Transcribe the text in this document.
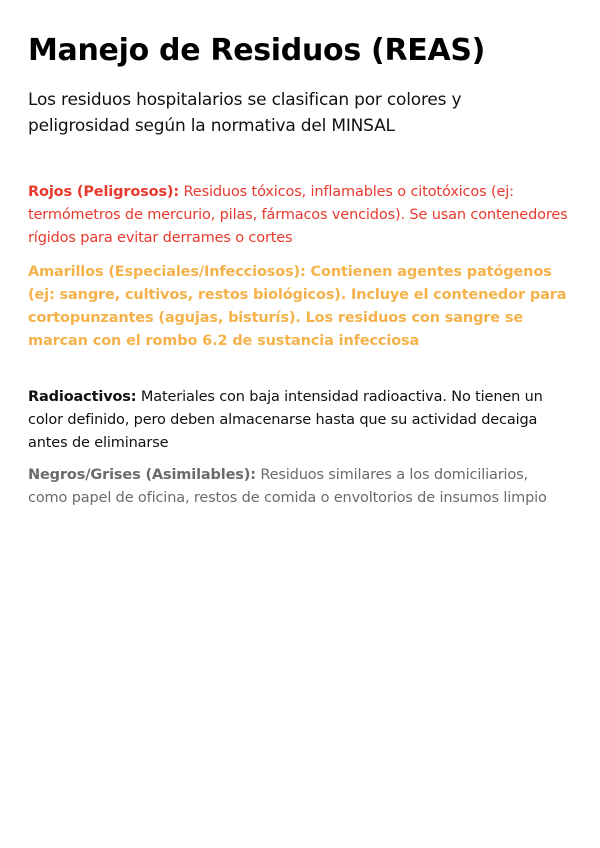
Manejo de Residuos (REAS)

Los residuos hospitalarios se clasifican por colores y peligrosidad según la normativa del MINSAL

Rojos (Peligrosos): Residuos tóxicos, inflamables o citotóxicos (ej: termómetros de mercurio, pilas, fármacos vencidos). Se usan contenedores rígidos para evitar derrames o cortes

Amarillos (Especiales/Infecciosos): Contienen agentes patógenos (ej: sangre, cultivos, restos biológicos). Incluye el contenedor para cortopunzantes (agujas, bisturís). Los residuos con sangre se marcan con el rombo 6.2 de sustancia infecciosa

Radioactivos: Materiales con baja intensidad radioactiva. No tienen un color definido, pero deben almacenarse hasta que su actividad decaiga antes de eliminarse

Negros/Grises (Asimilables): Residuos similares a los domiciliarios, como papel de oficina, restos de comida o envoltorios de insumos limpio
